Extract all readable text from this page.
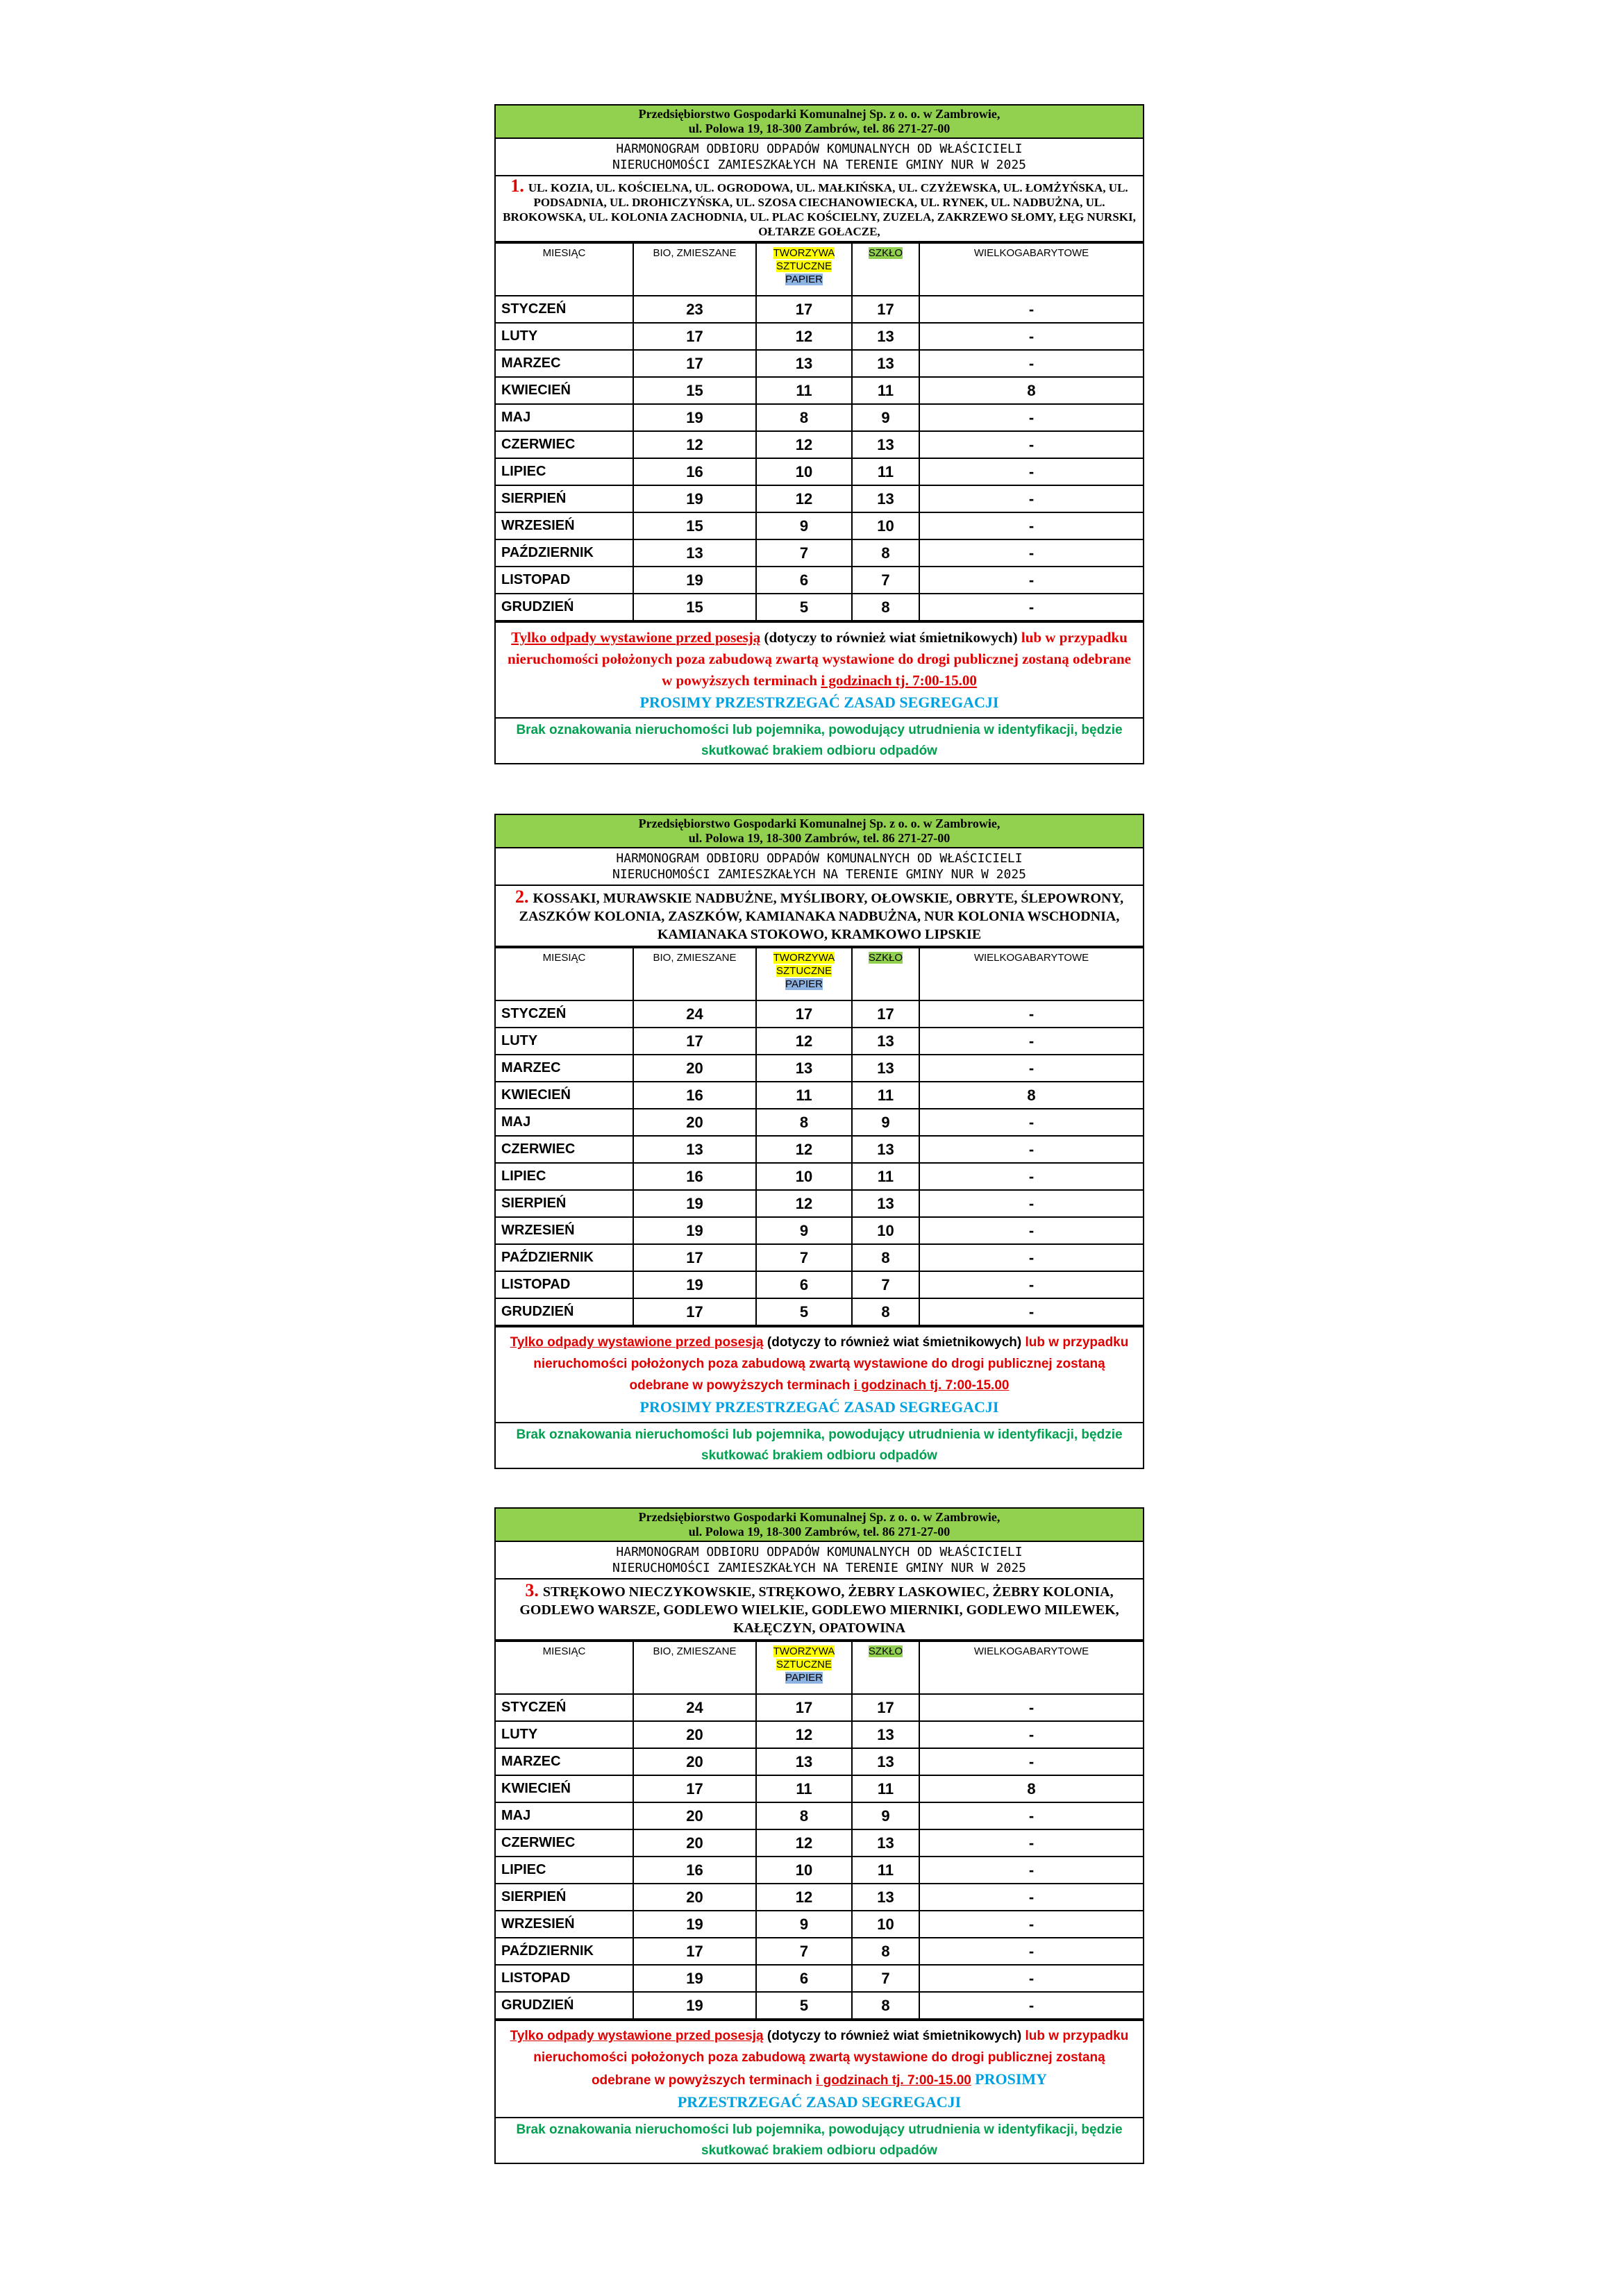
Przedsiębiorstwo Gospodarki Komunalnej Sp. z o. o. w Zambrowie,
ul. Polowa 19, 18-300 Zambrów, tel. 86 271-27-00
HARMONOGRAM ODBIORU ODPADÓW KOMUNALNYCH OD WŁAŚCICIELI
NIERUCHOMOŚCI ZAMIESZKAŁYCH NA TERENIE GMINY NUR W 2025
1. UL. KOZIA, UL. KOŚCIELNA, UL. OGRODOWA, UL. MAŁKIŃSKA, UL. CZYŻEWSKA, UL. ŁOMŻYŃSKA, UL. PODSADNIA, UL. DROHICZYŃSKA, UL. SZOSA CIECHANOWIECKA, UL. RYNEK, UL. NADBUŻNA, UL. BROKOWSKA, UL. KOLONIA ZACHODNIA, UL. PLAC KOŚCIELNY, ZUZELA, ZAKRZEWO SŁOMY, ŁĘG NURSKI, OŁTARZE GOŁACZE,
MIESIĄC	BIO, ZMIESZANE	TWORZYWA
SZTUCZNE
PAPIER	SZKŁO	WIELKOGABARYTOWE
STYCZEŃ	23	17	17	-
LUTY	17	12	13	-
MARZEC	17	13	13	-
KWIECIEŃ	15	11	11	8
MAJ	19	8	9	-
CZERWIEC	12	12	13	-
LIPIEC	16	10	11	-
SIERPIEŃ	19	12	13	-
WRZESIEŃ	15	9	10	-
PAŹDZIERNIK	13	7	8	-
LISTOPAD	19	6	7	-
GRUDZIEŃ	15	5	8	-
Tylko odpady wystawione przed posesją (dotyczy to również wiat śmietnikowych) lub w przypadku nieruchomości położonych poza zabudową zwartą wystawione do drogi publicznej zostaną odebrane w powyższych terminach i godzinach tj. 7:00-15.00
PROSIMY PRZESTRZEGAĆ ZASAD SEGREGACJI
Brak oznakowania nieruchomości lub pojemnika, powodujący utrudnienia w identyfikacji, będzie skutkować brakiem odbioru odpadów
Przedsiębiorstwo Gospodarki Komunalnej Sp. z o. o. w Zambrowie,
ul. Polowa 19, 18-300 Zambrów, tel. 86 271-27-00
HARMONOGRAM ODBIORU ODPADÓW KOMUNALNYCH OD WŁAŚCICIELI
NIERUCHOMOŚCI ZAMIESZKAŁYCH NA TERENIE GMINY NUR W 2025
2. KOSSAKI, MURAWSKIE NADBUŻNE, MYŚLIBORY, OŁOWSKIE, OBRYTE, ŚLEPOWRONY, ZASZKÓW KOLONIA, ZASZKÓW, KAMIANAKA NADBUŻNA, NUR KOLONIA WSCHODNIA, KAMIANAKA STOKOWO, KRAMKOWO LIPSKIE
MIESIĄC	BIO, ZMIESZANE	TWORZYWA
SZTUCZNE
PAPIER	SZKŁO	WIELKOGABARYTOWE
STYCZEŃ	24	17	17	-
LUTY	17	12	13	-
MARZEC	20	13	13	-
KWIECIEŃ	16	11	11	8
MAJ	20	8	9	-
CZERWIEC	13	12	13	-
LIPIEC	16	10	11	-
SIERPIEŃ	19	12	13	-
WRZESIEŃ	19	9	10	-
PAŹDZIERNIK	17	7	8	-
LISTOPAD	19	6	7	-
GRUDZIEŃ	17	5	8	-
Tylko odpady wystawione przed posesją (dotyczy to również wiat śmietnikowych) lub w przypadku nieruchomości położonych poza zabudową zwartą wystawione do drogi publicznej zostaną odebrane w powyższych terminach i godzinach tj. 7:00-15.00
PROSIMY PRZESTRZEGAĆ ZASAD SEGREGACJI
Brak oznakowania nieruchomości lub pojemnika, powodujący utrudnienia w identyfikacji, będzie skutkować brakiem odbioru odpadów
Przedsiębiorstwo Gospodarki Komunalnej Sp. z o. o. w Zambrowie,
ul. Polowa 19, 18-300 Zambrów, tel. 86 271-27-00
HARMONOGRAM ODBIORU ODPADÓW KOMUNALNYCH OD WŁAŚCICIELI
NIERUCHOMOŚCI ZAMIESZKAŁYCH NA TERENIE GMINY NUR W 2025
3. STRĘKOWO NIECZYKOWSKIE, STRĘKOWO, ŻEBRY LASKOWIEC, ŻEBRY KOLONIA, GODLEWO WARSZE, GODLEWO WIELKIE, GODLEWO MIERNIKI, GODLEWO MILEWEK, KAŁĘCZYN, OPATOWINA
MIESIĄC	BIO, ZMIESZANE	TWORZYWA
SZTUCZNE
PAPIER	SZKŁO	WIELKOGABARYTOWE
STYCZEŃ	24	17	17	-
LUTY	20	12	13	-
MARZEC	20	13	13	-
KWIECIEŃ	17	11	11	8
MAJ	20	8	9	-
CZERWIEC	20	12	13	-
LIPIEC	16	10	11	-
SIERPIEŃ	20	12	13	-
WRZESIEŃ	19	9	10	-
PAŹDZIERNIK	17	7	8	-
LISTOPAD	19	6	7	-
GRUDZIEŃ	19	5	8	-
Tylko odpady wystawione przed posesją (dotyczy to również wiat śmietnikowych) lub w przypadku nieruchomości położonych poza zabudową zwartą wystawione do drogi publicznej zostaną odebrane w powyższych terminach i godzinach tj. 7:00-15.00 PROSIMY
PRZESTRZEGAĆ ZASAD SEGREGACJI
Brak oznakowania nieruchomości lub pojemnika, powodujący utrudnienia w identyfikacji, będzie skutkować brakiem odbioru odpadów
